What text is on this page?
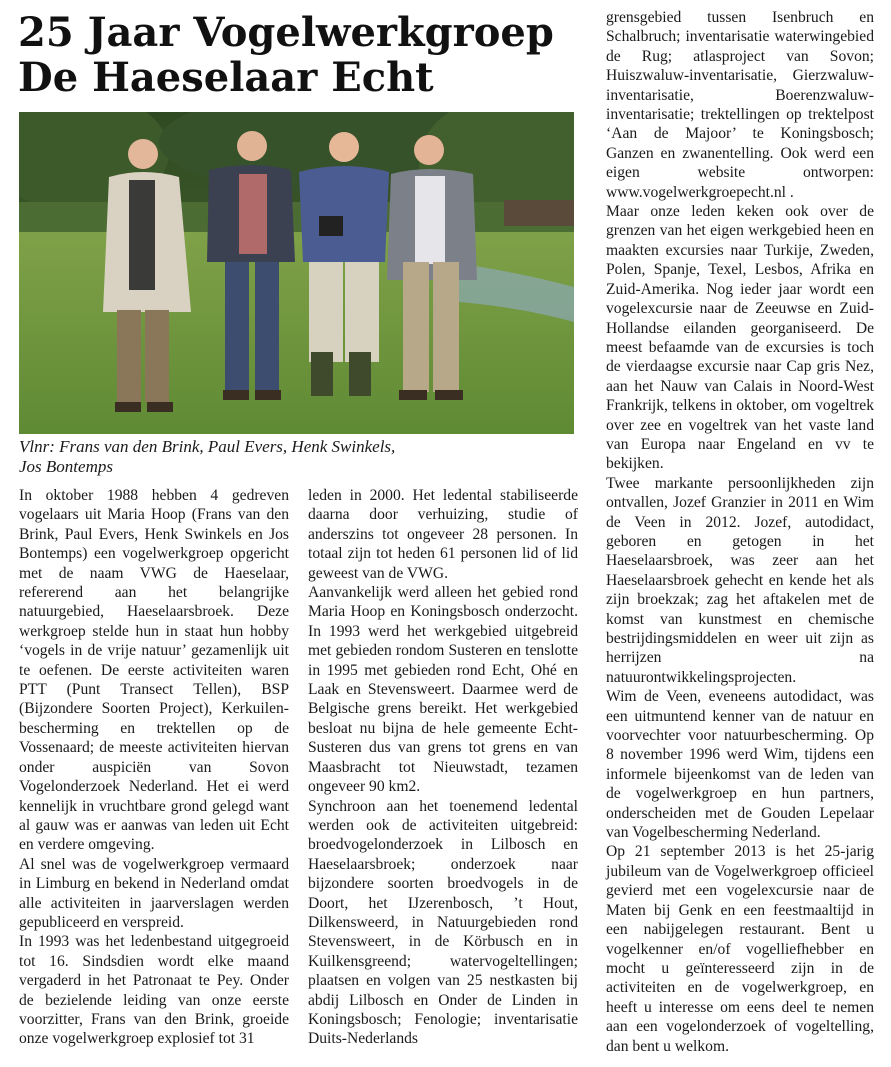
25 Jaar Vogelwerkgroep
De Haeselaar Echt

Vlnr: Frans van den Brink, Paul Evers, Henk Swinkels,
Jos Bontemps

In oktober 1988 hebben 4 gedreven vogelaars uit Maria Hoop (Frans van den Brink, Paul Evers, Henk Swinkels en Jos Bontemps) een vogelwerkgroep opgericht met de naam VWG de Haeselaar, refererend aan het belangrijke natuurgebied, Haeselaarsbroek. Deze werkgroep stelde hun in staat hun hobby ‘vogels in de vrije natuur’ gezamenlijk uit te oefenen. De eerste activiteiten waren PTT (Punt Transect Tellen), BSP (Bijzondere Soorten Project), Kerkuilen-bescherming en trektellen op de Vossenaard; de meeste activiteiten hiervan onder auspiciën van Sovon Vogelonderzoek Nederland. Het ei werd kennelijk in vruchtbare grond gelegd want al gauw was er aanwas van leden uit Echt en verdere omgeving.

Al snel was de vogelwerkgroep vermaard in Limburg en bekend in Nederland omdat alle activiteiten in jaarverslagen werden gepubliceerd en verspreid.

In 1993 was het ledenbestand uitgegroeid tot 16. Sindsdien wordt elke maand vergaderd in het Patronaat te Pey. Onder de bezielende leiding van onze eerste voorzitter, Frans van den Brink, groeide onze vogelwerkgroep explosief tot 31

leden in 2000. Het ledental stabiliseerde daarna door verhuizing, studie of anderszins tot ongeveer 28 personen. In totaal zijn tot heden 61 personen lid of lid geweest van de VWG.

Aanvankelijk werd alleen het gebied rond Maria Hoop en Koningsbosch onderzocht. In 1993 werd het werkgebied uitgebreid met gebieden rondom Susteren en tenslotte in 1995 met gebieden rond Echt, Ohé en Laak en Stevensweert. Daarmee werd de Belgische grens bereikt. Het werkgebied besloat nu bijna de hele gemeente Echt-Susteren dus van grens tot grens en van Maasbracht tot Nieuwstadt, tezamen ongeveer 90 km2.

Synchroon aan het toenemend ledental werden ook de activiteiten uitgebreid: broedvogelonderzoek in Lilbosch en Haeselaarsbroek; onderzoek naar bijzondere soorten broedvogels in de Doort, het IJzerenbosch, ’t Hout, Dilkensweerd, in Natuurgebieden rond Stevensweert, in de Körbusch en in Kuilkensgreend; watervogeltellingen; plaatsen en volgen van 25 nestkasten bij abdij Lilbosch en Onder de Linden in Koningsbosch; Fenologie; inventarisatie Duits-Nederlands

grensgebied tussen Isenbruch en Schalbruch; inventarisatie waterwingebied de Rug; atlasproject van Sovon; Huiszwaluw-inventarisatie, Gierzwaluw-inventarisatie, Boerenzwaluw-inventarisatie; trektellingen op trektelpost ‘Aan de Majoor’ te Koningsbosch; Ganzen en zwanentelling. Ook werd een eigen website ontworpen: www.vogelwerkgroepecht.nl .

Maar onze leden keken ook over de grenzen van het eigen werkgebied heen en maakten excursies naar Turkije, Zweden, Polen, Spanje, Texel, Lesbos, Afrika en Zuid-Amerika. Nog ieder jaar wordt een vogelexcursie naar de Zeeuwse en Zuid-Hollandse eilanden georganiseerd. De meest befaamde van de excursies is toch de vierdaagse excursie naar Cap gris Nez, aan het Nauw van Calais in Noord-West Frankrijk, telkens in oktober, om vogeltrek over zee en vogeltrek van het vaste land van Europa naar Engeland en vv te bekijken.

Twee markante persoonlijkheden zijn ontvallen, Jozef Granzier in 2011 en Wim de Veen in 2012. Jozef, autodidact, geboren en getogen in het Haeselaarsbroek, was zeer aan het Haeselaarsbroek gehecht en kende het als zijn broekzak; zag het aftakelen met de komst van kunstmest en chemische bestrijdingsmiddelen en weer uit zijn as herrijzen na natuurontwikkelingsprojecten.

Wim de Veen, eveneens autodidact, was een uitmuntend kenner van de natuur en voorvechter voor natuurbescherming. Op 8 november 1996 werd Wim, tijdens een informele bijeenkomst van de leden van de vogelwerkgroep en hun partners, onderscheiden met de Gouden Lepelaar van Vogelbescherming Nederland.

Op 21 september 2013 is het 25-jarig jubileum van de Vogelwerkgroep officieel gevierd met een vogelexcursie naar de Maten bij Genk en een feestmaaltijd in een nabijgelegen restaurant. Bent u vogelkenner en/of vogelliefhebber en mocht u geïnteresseerd zijn in de activiteiten en de vogelwerkgroep, en heeft u interesse om eens deel te nemen aan een vogelonderzoek of vogeltelling, dan bent u welkom.
